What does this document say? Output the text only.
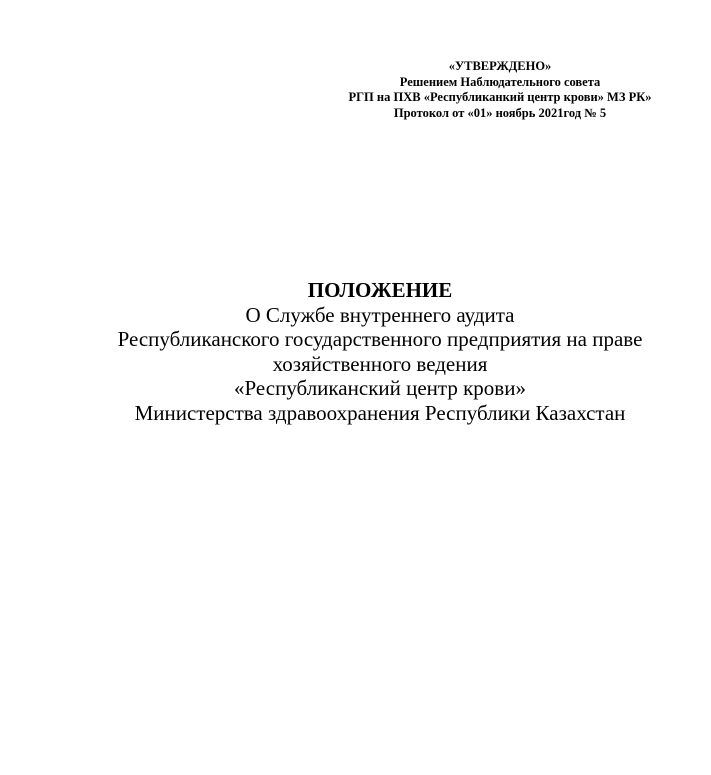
«УТВЕРЖДЕНО»
Решением Наблюдательного совета
РГП на ПХВ «Республиканкий центр крови» МЗ РК»
Протокол от «01» ноябрь 2021год № 5
ПОЛОЖЕНИЕ
О Службе внутреннего аудита
Республиканского государственного предприятия на праве
хозяйственного ведения
«Республиканский центр крови»
Министерства здравоохранения Республики Казахстан
